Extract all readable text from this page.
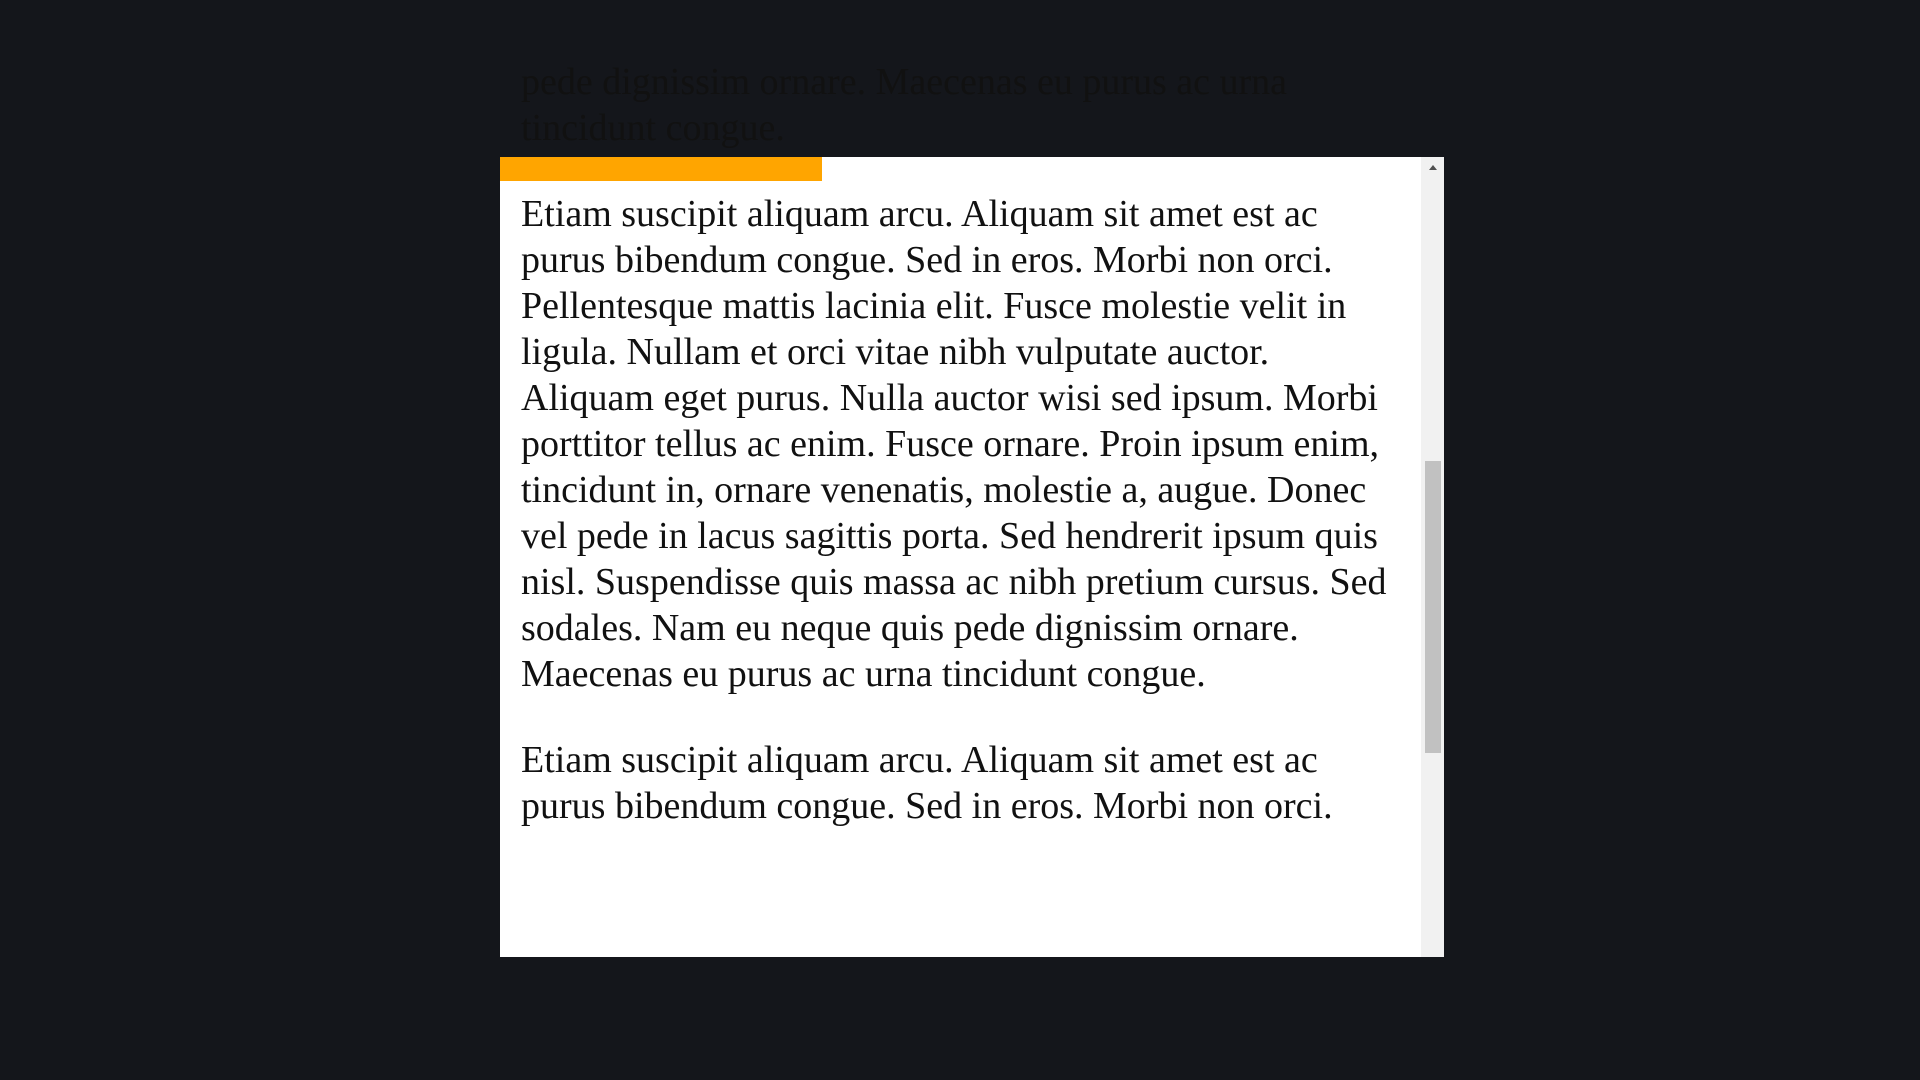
pede dignissim ornare. Maecenas eu purus ac urna tincidunt congue.

Etiam suscipit aliquam arcu. Aliquam sit amet est ac purus bibendum congue. Sed in eros. Morbi non orci. Pellentesque mattis lacinia elit. Fusce molestie velit in ligula. Nullam et orci vitae nibh vulputate auctor. Aliquam eget purus. Nulla auctor wisi sed ipsum. Morbi porttitor tellus ac enim. Fusce ornare. Proin ipsum enim, tincidunt in, ornare venenatis, molestie a, augue. Donec vel pede in lacus sagittis porta. Sed hendrerit ipsum quis nisl. Suspendisse quis massa ac nibh pretium cursus. Sed sodales. Nam eu neque quis pede dignissim ornare. Maecenas eu purus ac urna tincidunt congue.

Etiam suscipit aliquam arcu. Aliquam sit amet est ac purus bibendum congue. Sed in eros. Morbi non orci.
